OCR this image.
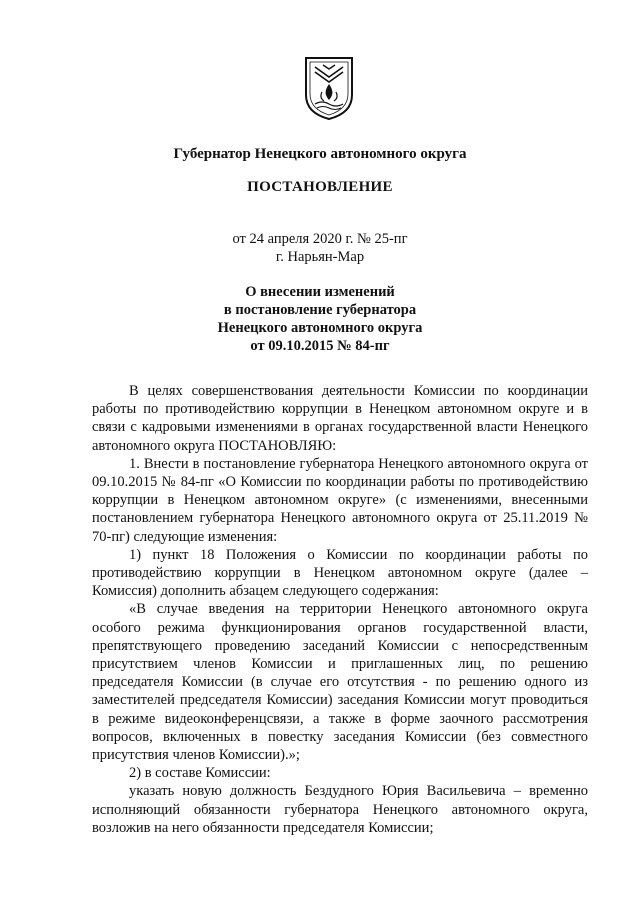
Губернатор Ненецкого автономного округа
ПОСТАНОВЛЕНИЕ
от 24 апреля 2020 г. № 25-пг
г. Нарьян-Мар
О внесении изменений
в постановление губернатора
Ненецкого автономного округа
от 09.10.2015 № 84-пг

В целях совершенствования деятельности Комиссии по координации работы по противодействию коррупции в Ненецком автономном округе и в связи с кадровыми изменениями в органах государственной власти Ненецкого автономного округа ПОСТАНОВЛЯЮ:

1. Внести в постановление губернатора Ненецкого автономного округа от 09.10.2015 № 84-пг «О Комиссии по координации работы по противодействию коррупции в Ненецком автономном округе» (с изменениями, внесенными постановлением губернатора Ненецкого автономного округа от 25.11.2019 № 70-пг) следующие изменения:

1) пункт 18 Положения о Комиссии по координации работы по противодействию коррупции в Ненецком автономном округе (далее – Комиссия) дополнить абзацем следующего содержания:

«В случае введения на территории Ненецкого автономного округа особого режима функционирования органов государственной власти, препятствующего проведению заседаний Комиссии с непосредственным присутствием членов Комиссии и приглашенных лиц, по решению председателя Комиссии (в случае его отсутствия - по решению одного из заместителей председателя Комиссии) заседания Комиссии могут проводиться в режиме видеоконференцсвязи, а также в форме заочного рассмотрения вопросов, включенных в повестку заседания Комиссии (без совместного присутствия членов Комиссии).»;

2) в составе Комиссии:

указать новую должность Бездудного Юрия Васильевича – временно исполняющий обязанности губернатора Ненецкого автономного округа, возложив на него обязанности председателя Комиссии;
